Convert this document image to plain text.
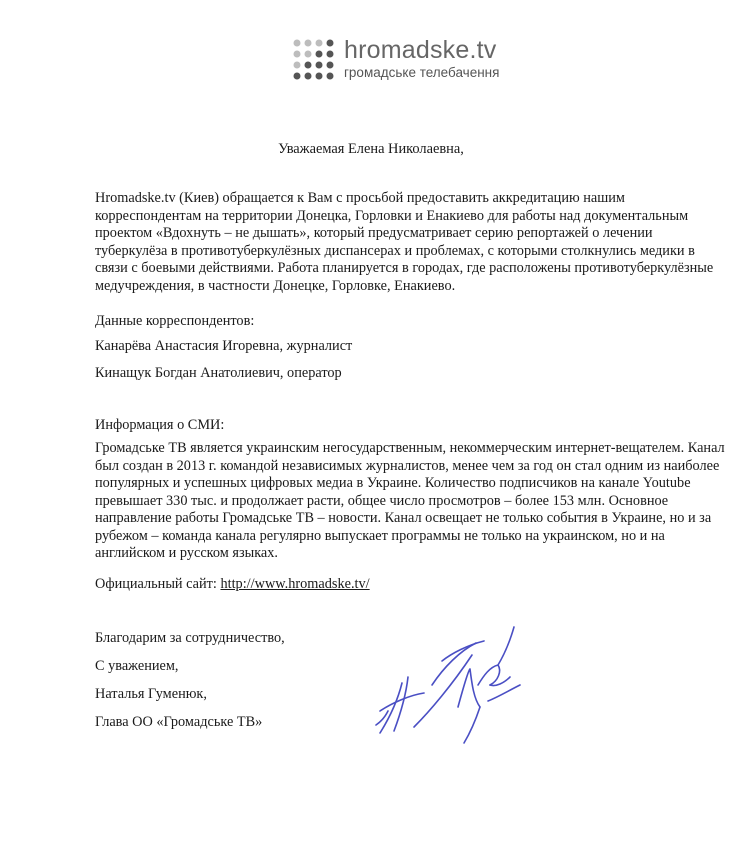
hromadske.tv
громадське телебачення
Уважаемая Елена Николаевна,
Hromadske.tv (Киев) обращается к Вам с просьбой предоставить аккредитацию нашим корреспондентам на территории Донецка, Горловки и Енакиево для работы над документальным проектом «Вдохнуть – не дышать», который предусматривает серию репортажей о лечении туберкулёза в противотуберкулёзных диспансерах и проблемах, с которыми столкнулись медики в связи с боевыми действиями. Работа планируется в городах, где расположены противотуберкулёзные медучреждения, в частности Донецке, Горловке, Енакиево.
Данные корреспондентов:
Канарёва Анастасия Игоревна, журналист
Кинащук Богдан Анатолиевич, оператор
Информация о СМИ:
Громадське ТВ является украинским негосударственным, некоммерческим интернет-вещателем. Канал был создан в 2013 г. командой независимых журналистов, менее чем за год он стал одним из наиболее популярных и успешных цифровых медиа в Украине. Количество подписчиков на канале Youtube превышает 330 тыс. и продолжает расти, общее число просмотров – более 153 млн. Основное направление работы Громадське ТВ – новости. Канал освещает не только события в Украине, но и за рубежом – команда канала регулярно выпускает программы не только на украинском, но и на английском и русском языках.
Официальный сайт: http://www.hromadske.tv/
Благодарим за сотрудничество,
С уважением,
Наталья Гуменюк,
Глава ОО «Громадське ТВ»
